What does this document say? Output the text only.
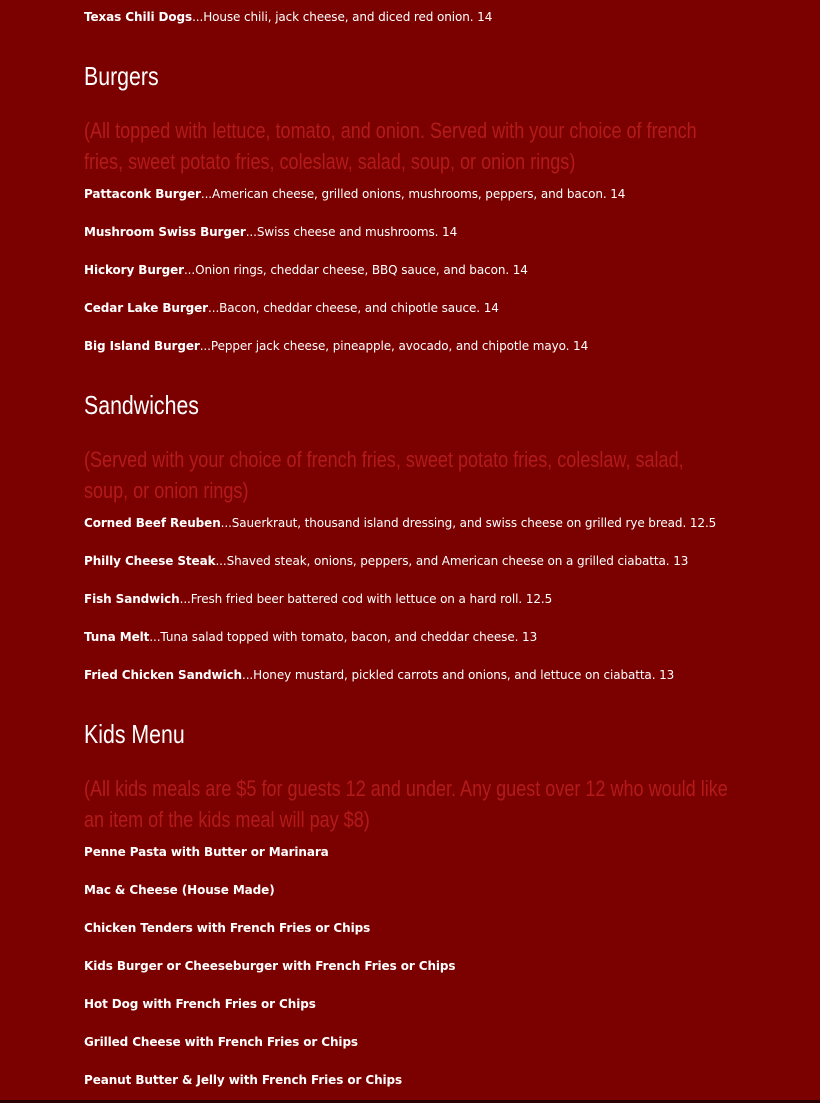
Texas Chili Dogs...House chili, jack cheese, and diced red onion. 14
Burgers
(All topped with lettuce, tomato, and onion. Served with your choice of french fries, sweet potato fries, coleslaw, salad, soup, or onion rings)
Pattaconk Burger...American cheese, grilled onions, mushrooms, peppers, and bacon. 14
Mushroom Swiss Burger...Swiss cheese and mushrooms. 14
Hickory Burger...Onion rings, cheddar cheese, BBQ sauce, and bacon. 14
Cedar Lake Burger...Bacon, cheddar cheese, and chipotle sauce. 14
Big Island Burger...Pepper jack cheese, pineapple, avocado, and chipotle mayo. 14
Sandwiches
(Served with your choice of french fries, sweet potato fries, coleslaw, salad, soup, or onion rings)
Corned Beef Reuben...Sauerkraut, thousand island dressing, and swiss cheese on grilled rye bread. 12.5
Philly Cheese Steak...Shaved steak, onions, peppers, and American cheese on a grilled ciabatta. 13
Fish Sandwich...Fresh fried beer battered cod with lettuce on a hard roll. 12.5
Tuna Melt...Tuna salad topped with tomato, bacon, and cheddar cheese. 13
Fried Chicken Sandwich...Honey mustard, pickled carrots and onions, and lettuce on ciabatta. 13
Kids Menu
(All kids meals are $5 for guests 12 and under. Any guest over 12 who would like an item of the kids meal will pay $8)
Penne Pasta with Butter or Marinara
Mac & Cheese (House Made)
Chicken Tenders with French Fries or Chips
Kids Burger or Cheeseburger with French Fries or Chips
Hot Dog with French Fries or Chips
Grilled Cheese with French Fries or Chips
Peanut Butter & Jelly with French Fries or Chips
